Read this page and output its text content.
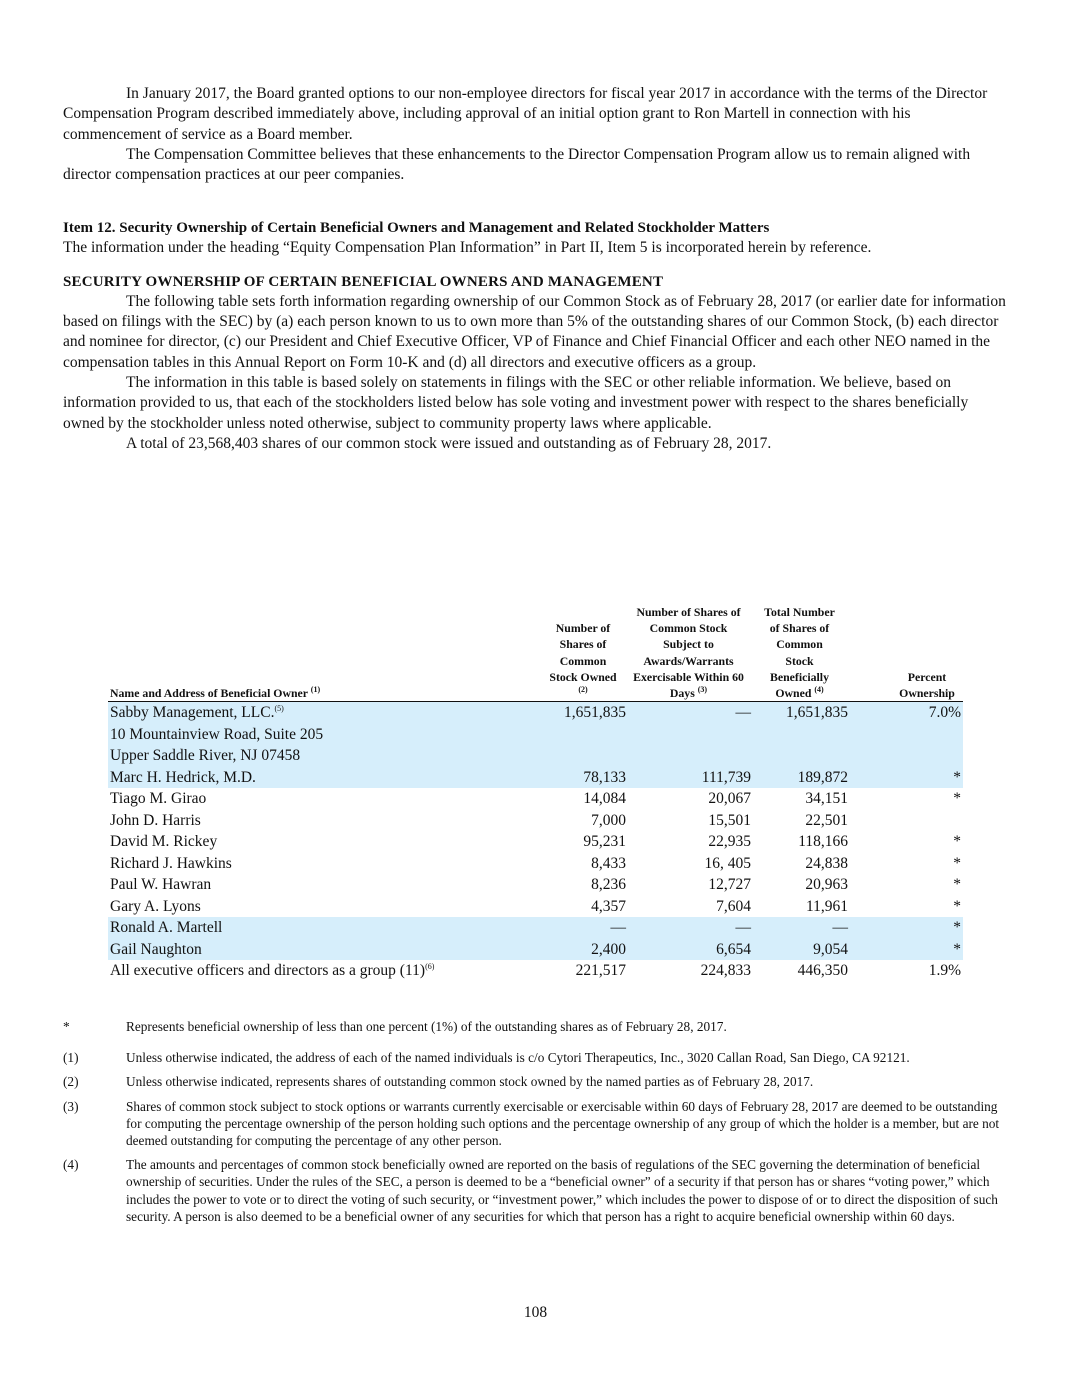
In January 2017, the Board granted options to our non-employee directors for fiscal year 2017 in accordance with the terms of the Director Compensation Program described immediately above, including approval of an initial option grant to Ron Martell in connection with his commencement of service as a Board member.

The Compensation Committee believes that these enhancements to the Director Compensation Program allow us to remain aligned with director compensation practices at our peer companies.

Item 12. Security Ownership of Certain Beneficial Owners and Management and Related Stockholder Matters

The information under the heading “Equity Compensation Plan Information” in Part II, Item 5 is incorporated herein by reference.

SECURITY OWNERSHIP OF CERTAIN BENEFICIAL OWNERS AND MANAGEMENT

The following table sets forth information regarding ownership of our Common Stock as of February 28, 2017 (or earlier date for information based on filings with the SEC) by (a) each person known to us to own more than 5% of the outstanding shares of our Common Stock, (b) each director and nominee for director, (c) our President and Chief Executive Officer, VP of Finance and Chief Financial Officer and each other NEO named in the compensation tables in this Annual Report on Form 10-K and (d) all directors and executive officers as a group.

The information in this table is based solely on statements in filings with the SEC or other reliable information. We believe, based on information provided to us, that each of the stockholders listed below has sole voting and investment power with respect to the shares beneficially owned by the stockholder unless noted otherwise, subject to community property laws where applicable.

A total of 23,568,403 shares of our common stock were issued and outstanding as of February 28, 2017.

Name and Address of Beneficial Owner $^{(1)}$	Number of Shares of Common Stock Owned $^{(2)}$	Number of Shares of Common Stock Subject to Awards/Warrants Exercisable Within 60 Days $^{(3)}$	Total Number of Shares of Common Stock Beneficially Owned $^{(4)}$	Percent Ownership

Sabby Management, LLC.$^{(5)}$	1,651,835	—	1,651,835	7.0%
10 Mountainview Road, Suite 205				
Upper Saddle River, NJ 07458				
Marc H. Hedrick, M.D.	78,133	111,739	189,872	*
Tiago M. Girao	14,084	20,067	34,151	*
John D. Harris	7,000	15,501	22,501	
David M. Rickey	95,231	22,935	118,166	*
Richard J. Hawkins	8,433	16, 405	24,838	*
Paul W. Hawran	8,236	12,727	20,963	*
Gary A. Lyons	4,357	7,604	11,961	*
Ronald A. Martell	—	—	—	*
Gail Naughton	2,400	6,654	9,054	*
All executive officers and directors as a group $(11)^{(6)}$	221,517	224,833	446,350	1.9%
*	Represents beneficial ownership of less than one percent (1%) of the outstanding shares as of February 28, 2017.
(1)	Unless otherwise indicated, the address of each of the named individuals is c/o Cytori Therapeutics, Inc., 3020 Callan Road, San Diego, CA 92121.
(2)	Unless otherwise indicated, represents shares of outstanding common stock owned by the named parties as of February 28, 2017.
(3)	Shares of common stock subject to stock options or warrants currently exercisable or exercisable within 60 days of February 28, 2017 are deemed to be outstanding for computing the percentage ownership of the person holding such options and the percentage ownership of any group of which the holder is a member, but are not deemed outstanding for computing the percentage of any other person.
(4)	The amounts and percentages of common stock beneficially owned are reported on the basis of regulations of the SEC governing the determination of beneficial ownership of securities. Under the rules of the SEC, a person is deemed to be a “beneficial owner” of a security if that person has or shares “voting power,” which includes the power to vote or to direct the voting of such security, or “investment power,” which includes the power to dispose of or to direct the disposition of such security. A person is also deemed to be a beneficial owner of any securities for which that person has a right to acquire beneficial ownership within 60 days.
108
